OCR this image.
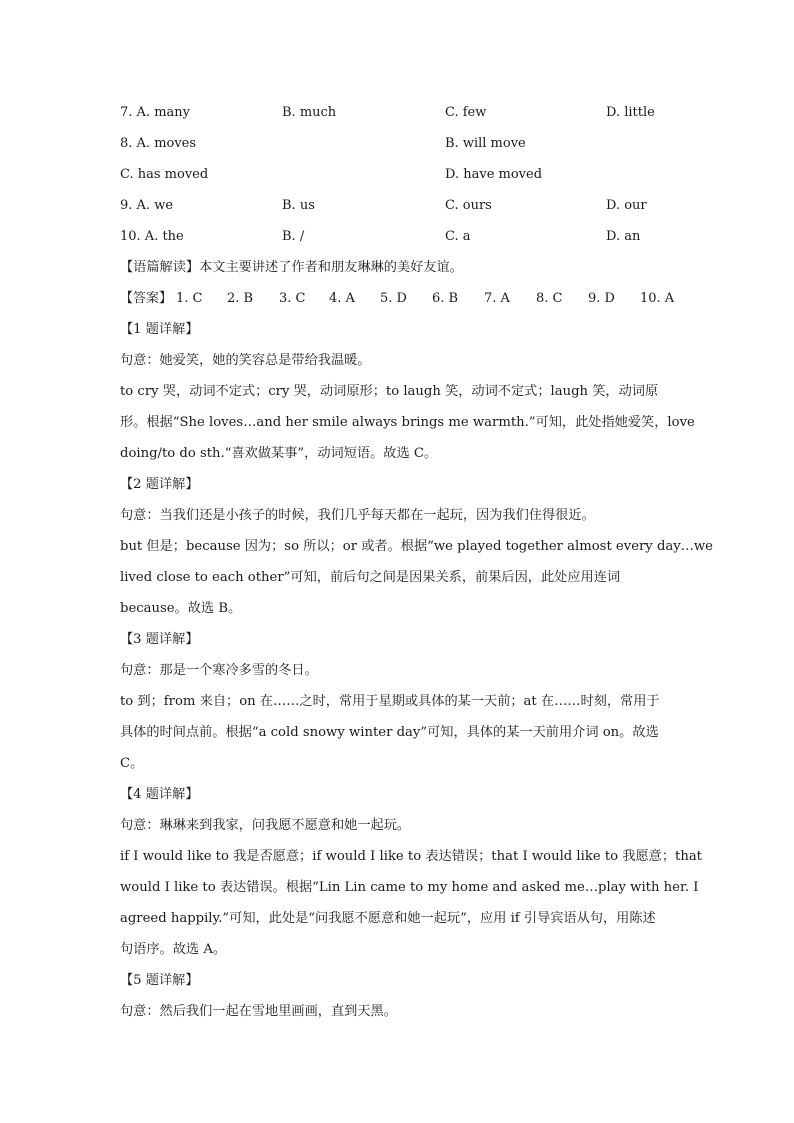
7. A. many	B. much	C. few	D. little
8. A. moves	B. will move
C. has moved	D. have moved
9. A. we	B. us	C. ours	D. our
10. A. the	B. /	C. a	D. an
【语篇解读】本文主要讲述了作者和朋友琳琳的美好友谊。
【答案】 1. C 2. B 3. C 4. A 5. D 6. B 7. A 8. C 9. D 10. A
【1 题详解】
句意：她爱笑，她的笑容总是带给我温暖。
to cry 哭，动词不定式；cry 哭，动词原形；to laugh 笑，动词不定式；laugh 笑，动词原
形。根据“She loves…and her smile always brings me warmth.”可知，此处指她爱笑，love
doing/to do sth.“喜欢做某事”，动词短语。故选 C。
【2 题详解】
句意：当我们还是小孩子的时候，我们几乎每天都在一起玩，因为我们住得很近。
but 但是；because 因为；so 所以；or 或者。根据“we played together almost every day…we
lived close to each other”可知，前后句之间是因果关系，前果后因，此处应用连词
because。故选 B。
【3 题详解】
句意：那是一个寒冷多雪的冬日。
to 到；from 来自；on 在……之时，常用于星期或具体的某一天前；at 在……时刻，常用于
具体的时间点前。根据“a cold snowy winter day”可知，具体的某一天前用介词 on。故选
C。
【4 题详解】
句意：琳琳来到我家，问我愿不愿意和她一起玩。
if I would like to 我是否愿意；if would I like to 表达错误；that I would like to 我愿意；that
would I like to 表达错误。根据“Lin Lin came to my home and asked me…play with her. I
agreed happily.”可知，此处是“问我愿不愿意和她一起玩”，应用 if 引导宾语从句，用陈述
句语序。故选 A。
【5 题详解】
句意：然后我们一起在雪地里画画，直到天黑。
